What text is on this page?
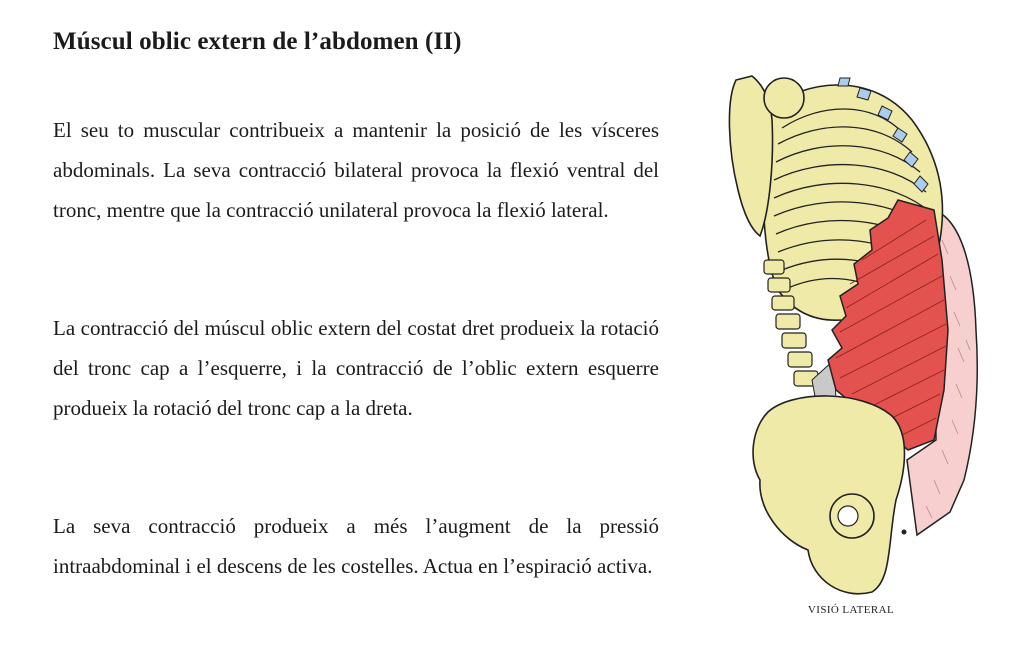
Múscul oblic extern de l’abdomen (II)

El seu to muscular contribueix a mantenir la posició de les vísceres abdominals. La seva contracció bilateral provoca la flexió ventral del tronc, mentre que la contracció unilateral provoca la flexió lateral.

La contracció del múscul oblic extern del costat dret produeix la rotació del tronc cap a l’esquerre, i la contracció de l’oblic extern esquerre produeix la rotació del tronc cap a la dreta.

La seva contracció produeix a més l’augment de la pressió intraabdominal i el descens de les costelles. Actua en l’espiració activa.

VISIÓ LATERAL
